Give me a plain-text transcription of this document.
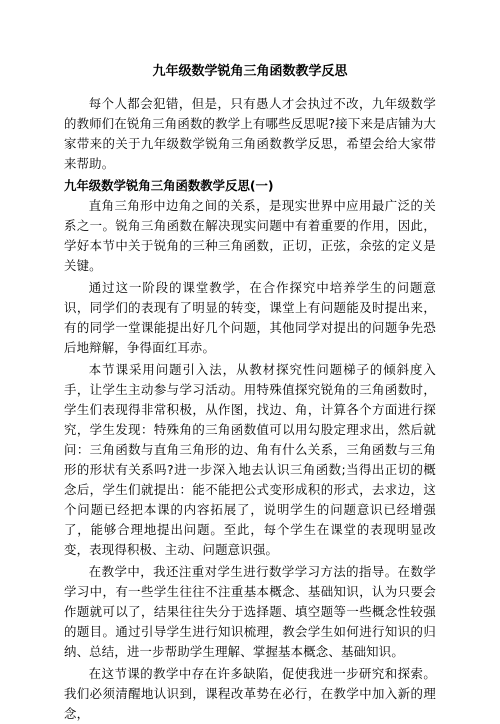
九年级数学锐角三角函数教学反思

每个人都会犯错，但是，只有愚人才会执过不改，九年级数学的教师们在锐角三角函数的教学上有哪些反思呢?接下来是店铺为大家带来的关于九年级数学锐角三角函数教学反思，希望会给大家带来帮助。

九年级数学锐角三角函数教学反思(一)

直角三角形中边角之间的关系，是现实世界中应用最广泛的关系之一。锐角三角函数在解决现实问题中有着重要的作用，因此，学好本节中关于锐角的三种三角函数，正切，正弦，余弦的定义是关键。

通过这一阶段的课堂教学，在合作探究中培养学生的问题意识，同学们的表现有了明显的转变，课堂上有问题能及时提出来，有的同学一堂课能提出好几个问题，其他同学对提出的问题争先恐后地辩解，争得面红耳赤。

本节课采用问题引入法，从教材探究性问题梯子的倾斜度入手，让学生主动参与学习活动。用特殊值探究锐角的三角函数时，学生们表现得非常积极，从作图，找边、角，计算各个方面进行探究，学生发现：特殊角的三角函数值可以用勾股定理求出，然后就问：三角函数与直角三角形的边、角有什么关系，三角函数与三角形的形状有关系吗?进一步深入地去认识三角函数;当得出正切的概念后，学生们就提出：能不能把公式变形成积的形式，去求边，这个问题已经把本课的内容拓展了，说明学生的问题意识已经增强了，能够合理地提出问题。至此，每个学生在课堂的表现明显改变，表现得积极、主动、问题意识强。

在教学中，我还注重对学生进行数学学习方法的指导。在数学学习中，有一些学生往往不注重基本概念、基础知识，认为只要会作题就可以了，结果往往失分于选择题、填空题等一些概念性较强的题目。通过引导学生进行知识梳理，教会学生如何进行知识的归纳、总结，进一步帮助学生理解、掌握基本概念、基础知识。

在这节课的教学中存在许多缺陷，促使我进一步研究和探索。我们必须清醒地认识到，课程改革势在必行，在教学中加入新的理念，
